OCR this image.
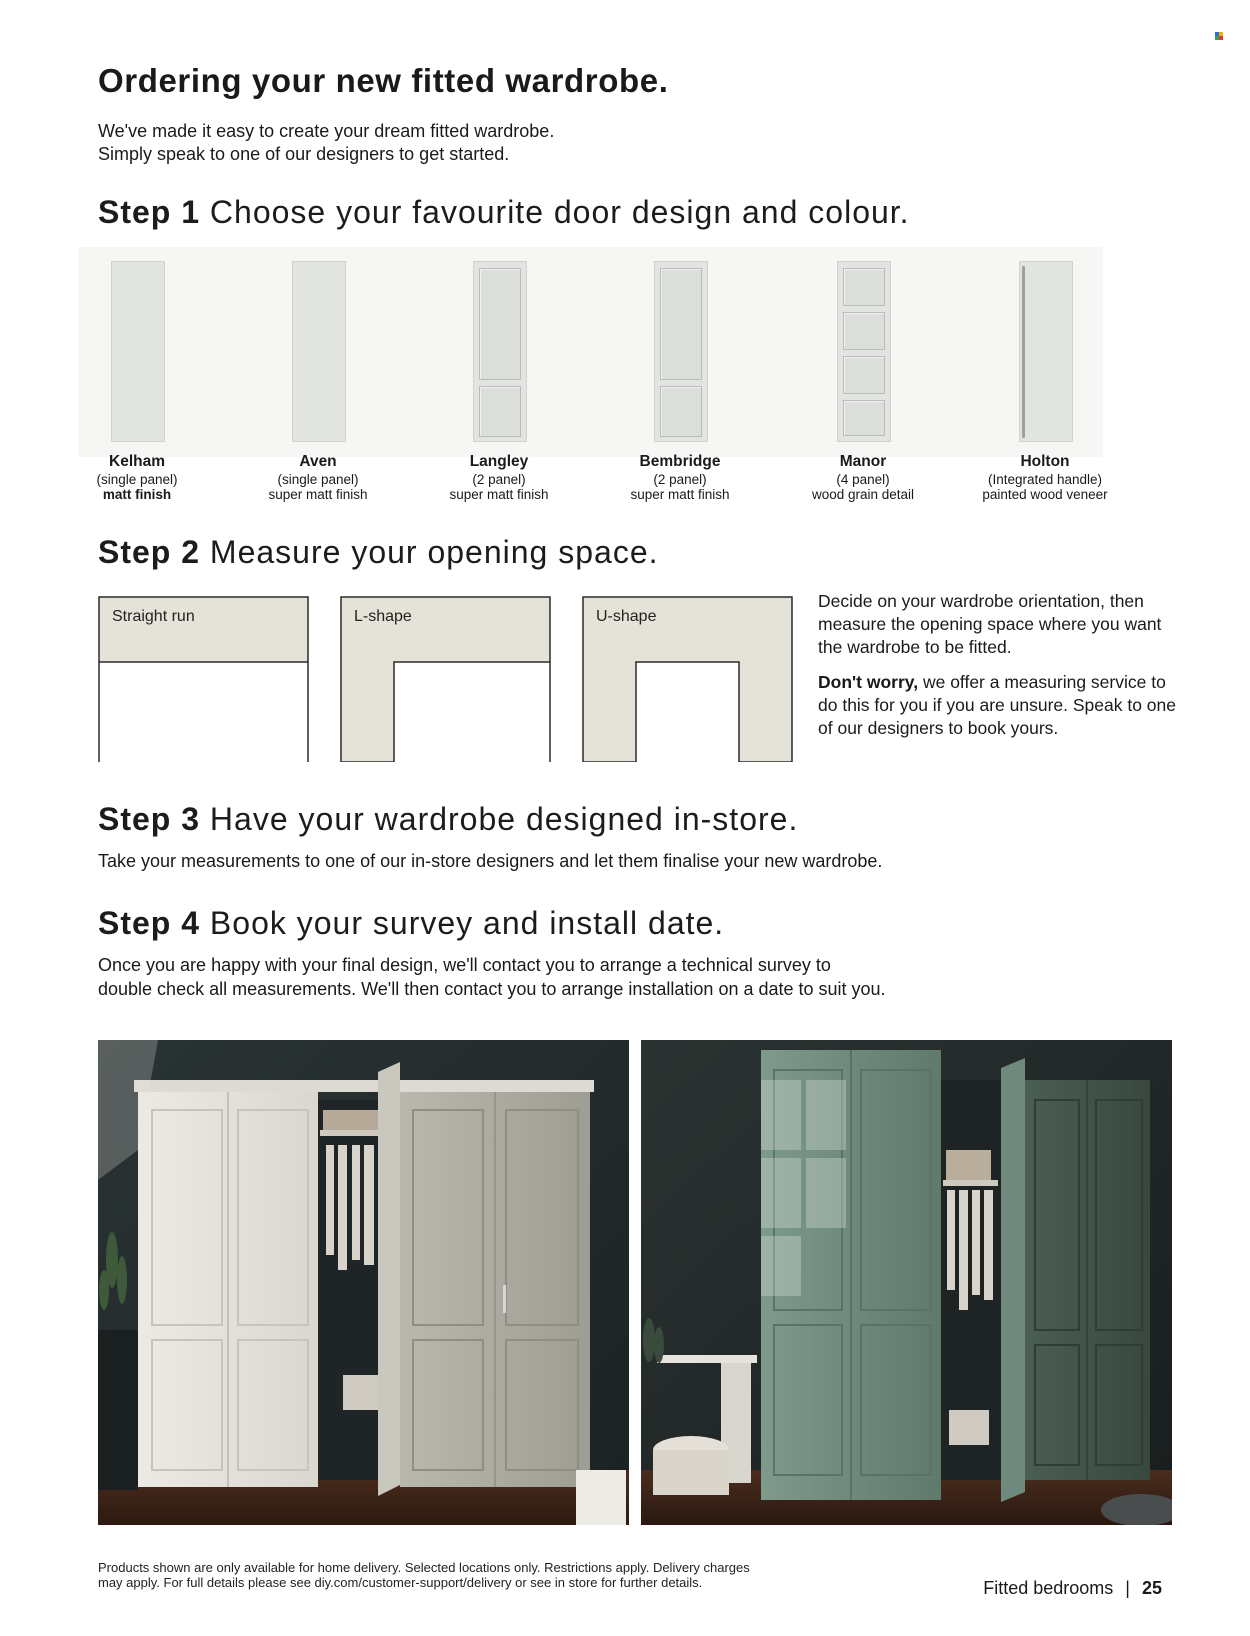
Ordering your new fitted wardrobe.
We've made it easy to create your dream fitted wardrobe.
Simply speak to one of our designers to get started.
Step 1 Choose your favourite door design and colour.
Kelham
(single panel)
matt finish
Aven
(single panel)
super matt finish
Langley
(2 panel)
super matt finish
Bembridge
(2 panel)
super matt finish
Manor
(4 panel)
wood grain detail
Holton
(Integrated handle)
painted wood veneer
Step 2 Measure your opening space.
Straight run	L-shape	U-shape

Decide on your wardrobe orientation, then measure the opening space where you want the wardrobe to be fitted.

Don't worry, we offer a measuring service to do this for you if you are unsure. Speak to one of our designers to book yours.

Step 3 Have your wardrobe designed in-store.
Take your measurements to one of our in-store designers and let them finalise your new wardrobe.
Step 4 Book your survey and install date.
Once you are happy with your final design, we'll contact you to arrange a technical survey to
double check all measurements. We'll then contact you to arrange installation on a date to suit you.
Products shown are only available for home delivery. Selected locations only. Restrictions apply. Delivery charges
may apply. For full details please see diy.com/customer-support/delivery or see in store for further details.	Fitted bedrooms | 25
